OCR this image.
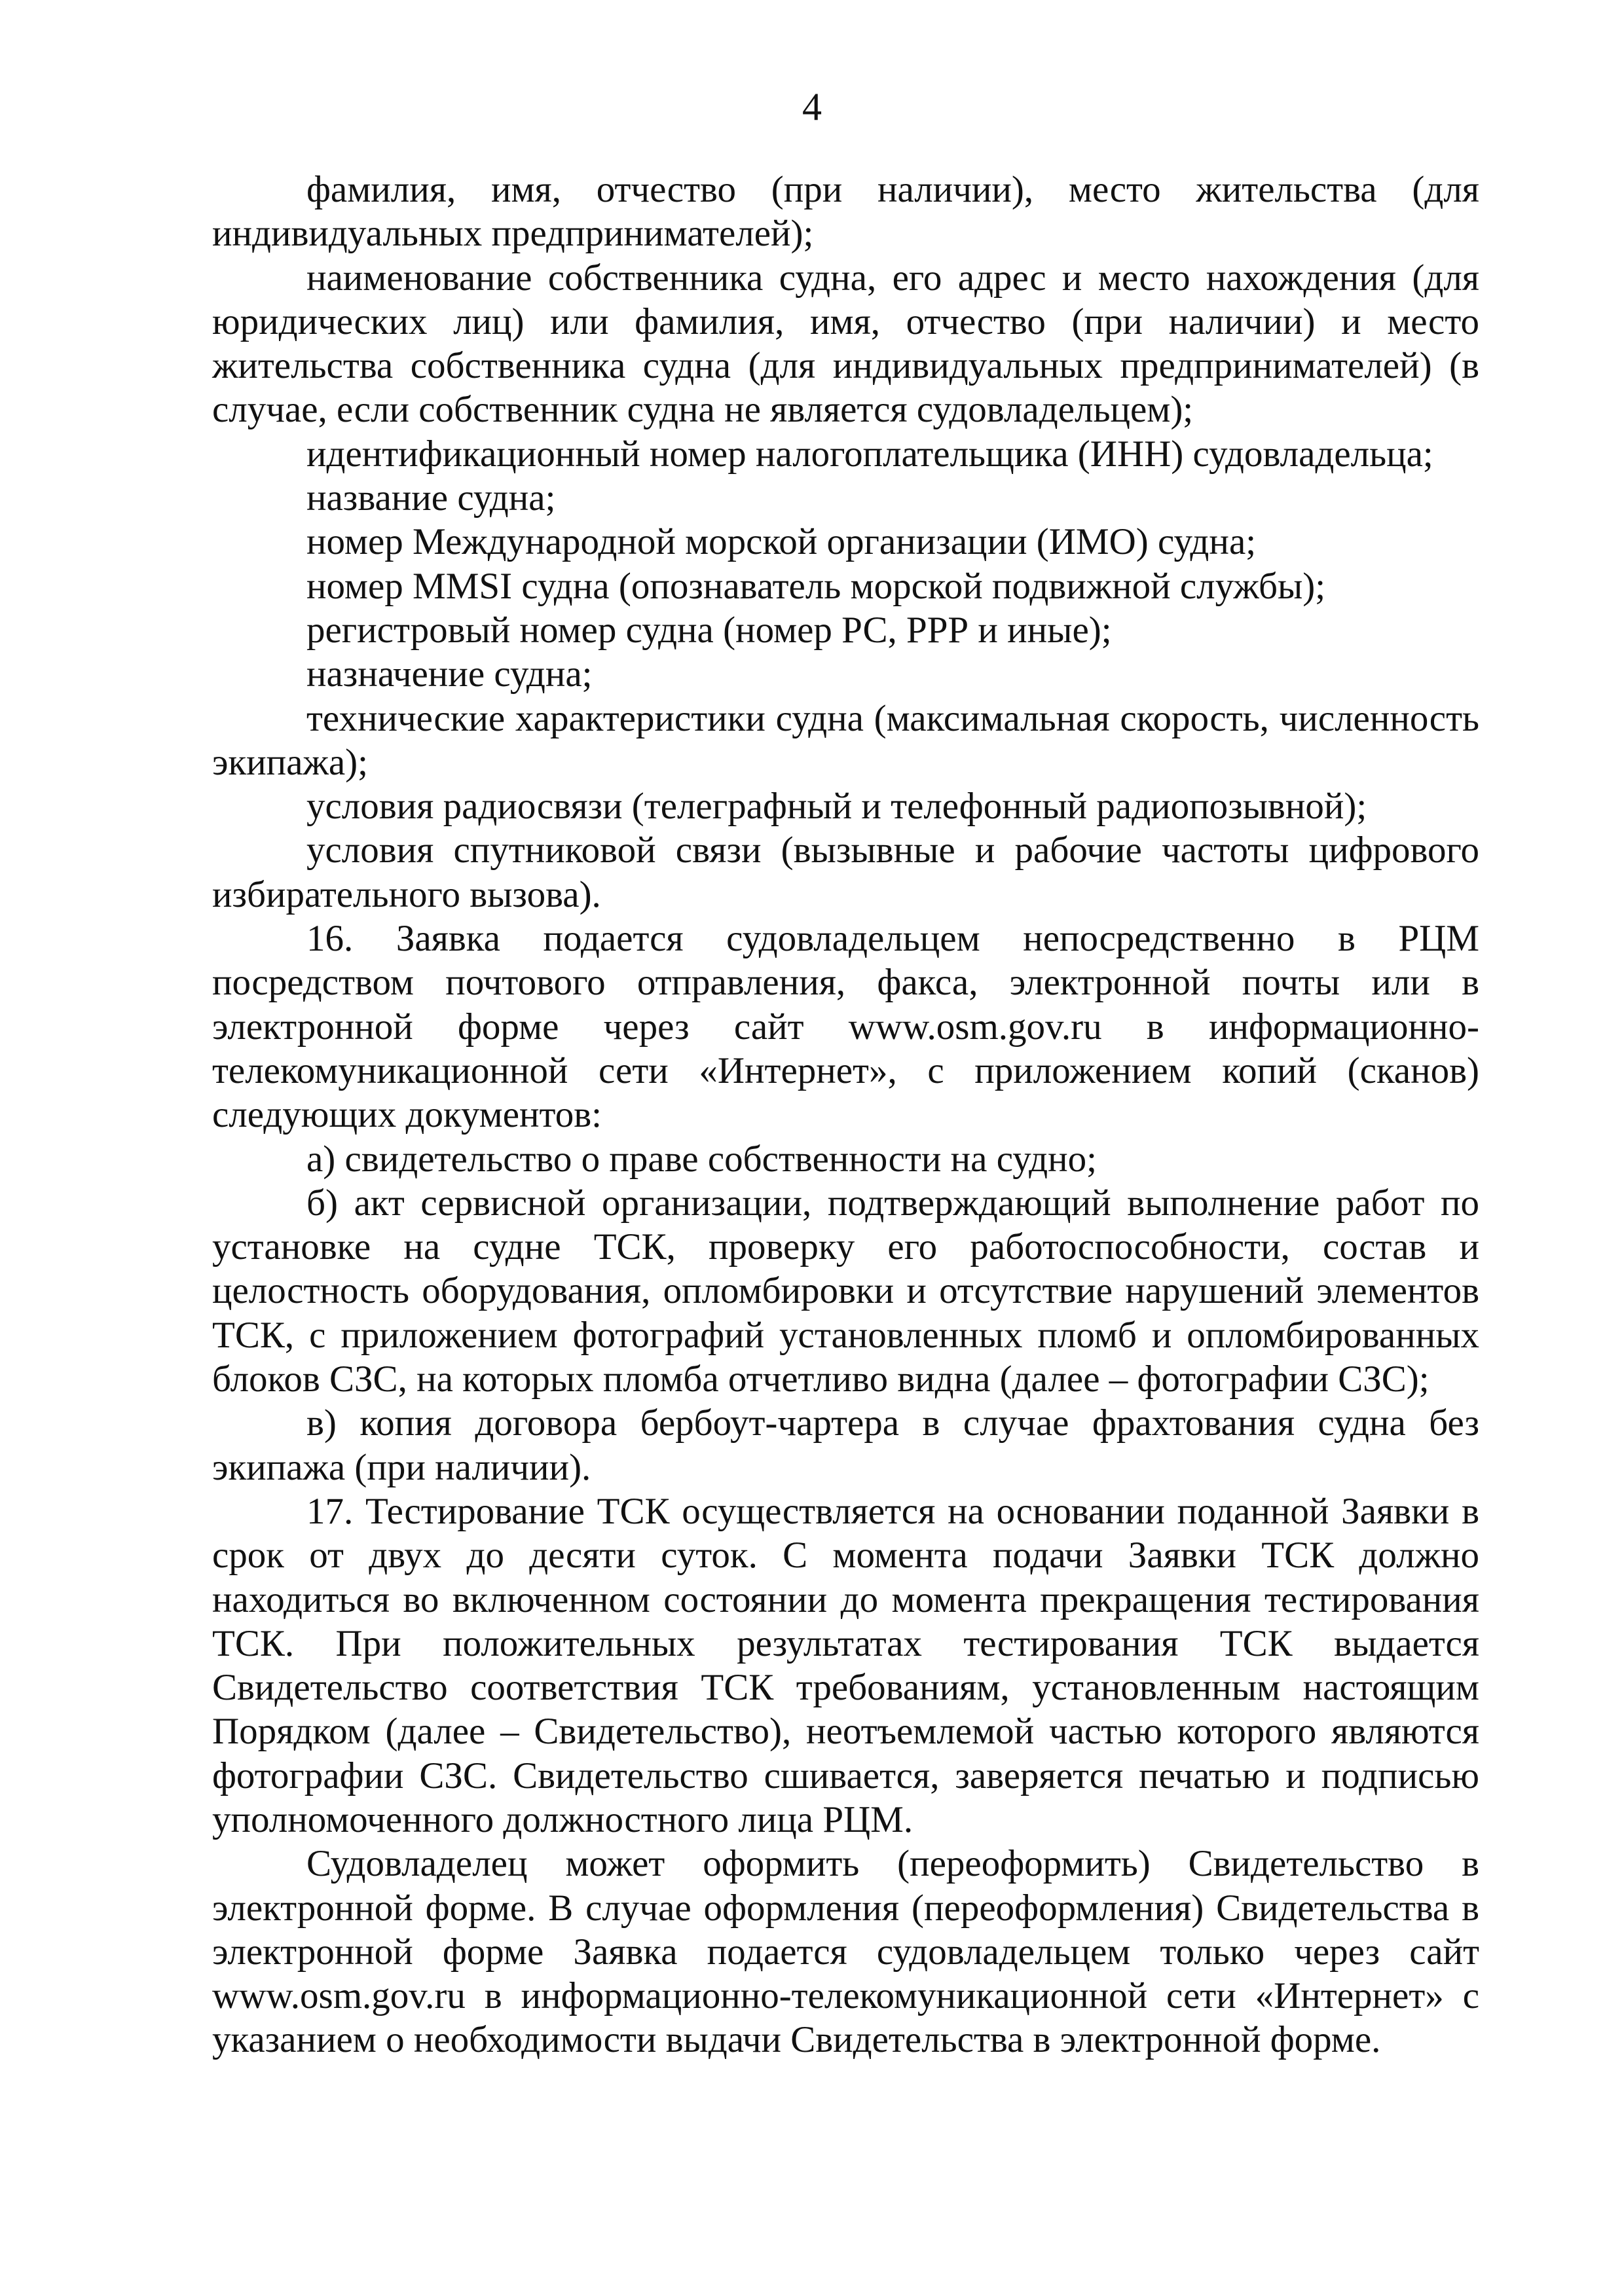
4

фамилия, имя, отчество (при наличии), место жительства (для индивидуальных предпринимателей);

наименование собственника судна, его адрес и место нахождения (для юридических лиц) или фамилия, имя, отчество (при наличии) и место жительства собственника судна (для индивидуальных предпринимателей) (в случае, если собственник судна не является судовладельцем);

идентификационный номер налогоплательщика (ИНН) судовладельца;

название судна;

номер Международной морской организации (ИМО) судна;

номер MMSI судна (опознаватель морской подвижной службы);

регистровый номер судна (номер РС, РРР и иные);

назначение судна;

технические характеристики судна (максимальная скорость, численность экипажа);

условия радиосвязи (телеграфный и телефонный радиопозывной);

условия спутниковой связи (вызывные и рабочие частоты цифрового избирательного вызова).

16. Заявка подается судовладельцем непосредственно в РЦМ посредством почтового отправления, факса, электронной почты или в электронной форме через сайт www.osm.gov.ru в информационно-телекомуникационной сети «Интернет», с приложением копий (сканов) следующих документов:

а) свидетельство о праве собственности на судно;

б) акт сервисной организации, подтверждающий выполнение работ по установке на судне ТСК, проверку его работоспособности, состав и целостность оборудования, опломбировки и отсутствие нарушений элементов ТСК, с приложением фотографий установленных пломб и опломбированных блоков СЗС, на которых пломба отчетливо видна (далее – фотографии СЗС);

в) копия договора бербоут-чартера в случае фрахтования судна без экипажа (при наличии).

17. Тестирование ТСК осуществляется на основании поданной Заявки в срок от двух до десяти суток. С момента подачи Заявки ТСК должно находиться во включенном состоянии до момента прекращения тестирования ТСК. При положительных результатах тестирования ТСК выдается Свидетельство соответствия ТСК требованиям, установленным настоящим Порядком (далее – Свидетельство), неотъемлемой частью которого являются фотографии СЗС. Свидетельство сшивается, заверяется печатью и подписью уполномоченного должностного лица РЦМ.

Судовладелец может оформить (переоформить) Свидетельство в электронной форме. В случае оформления (переоформления) Свидетельства в электронной форме Заявка подается судовладельцем только через сайт www.osm.gov.ru в информационно-телекомуникационной сети «Интернет» с указанием о необходимости выдачи Свидетельства в электронной форме.
